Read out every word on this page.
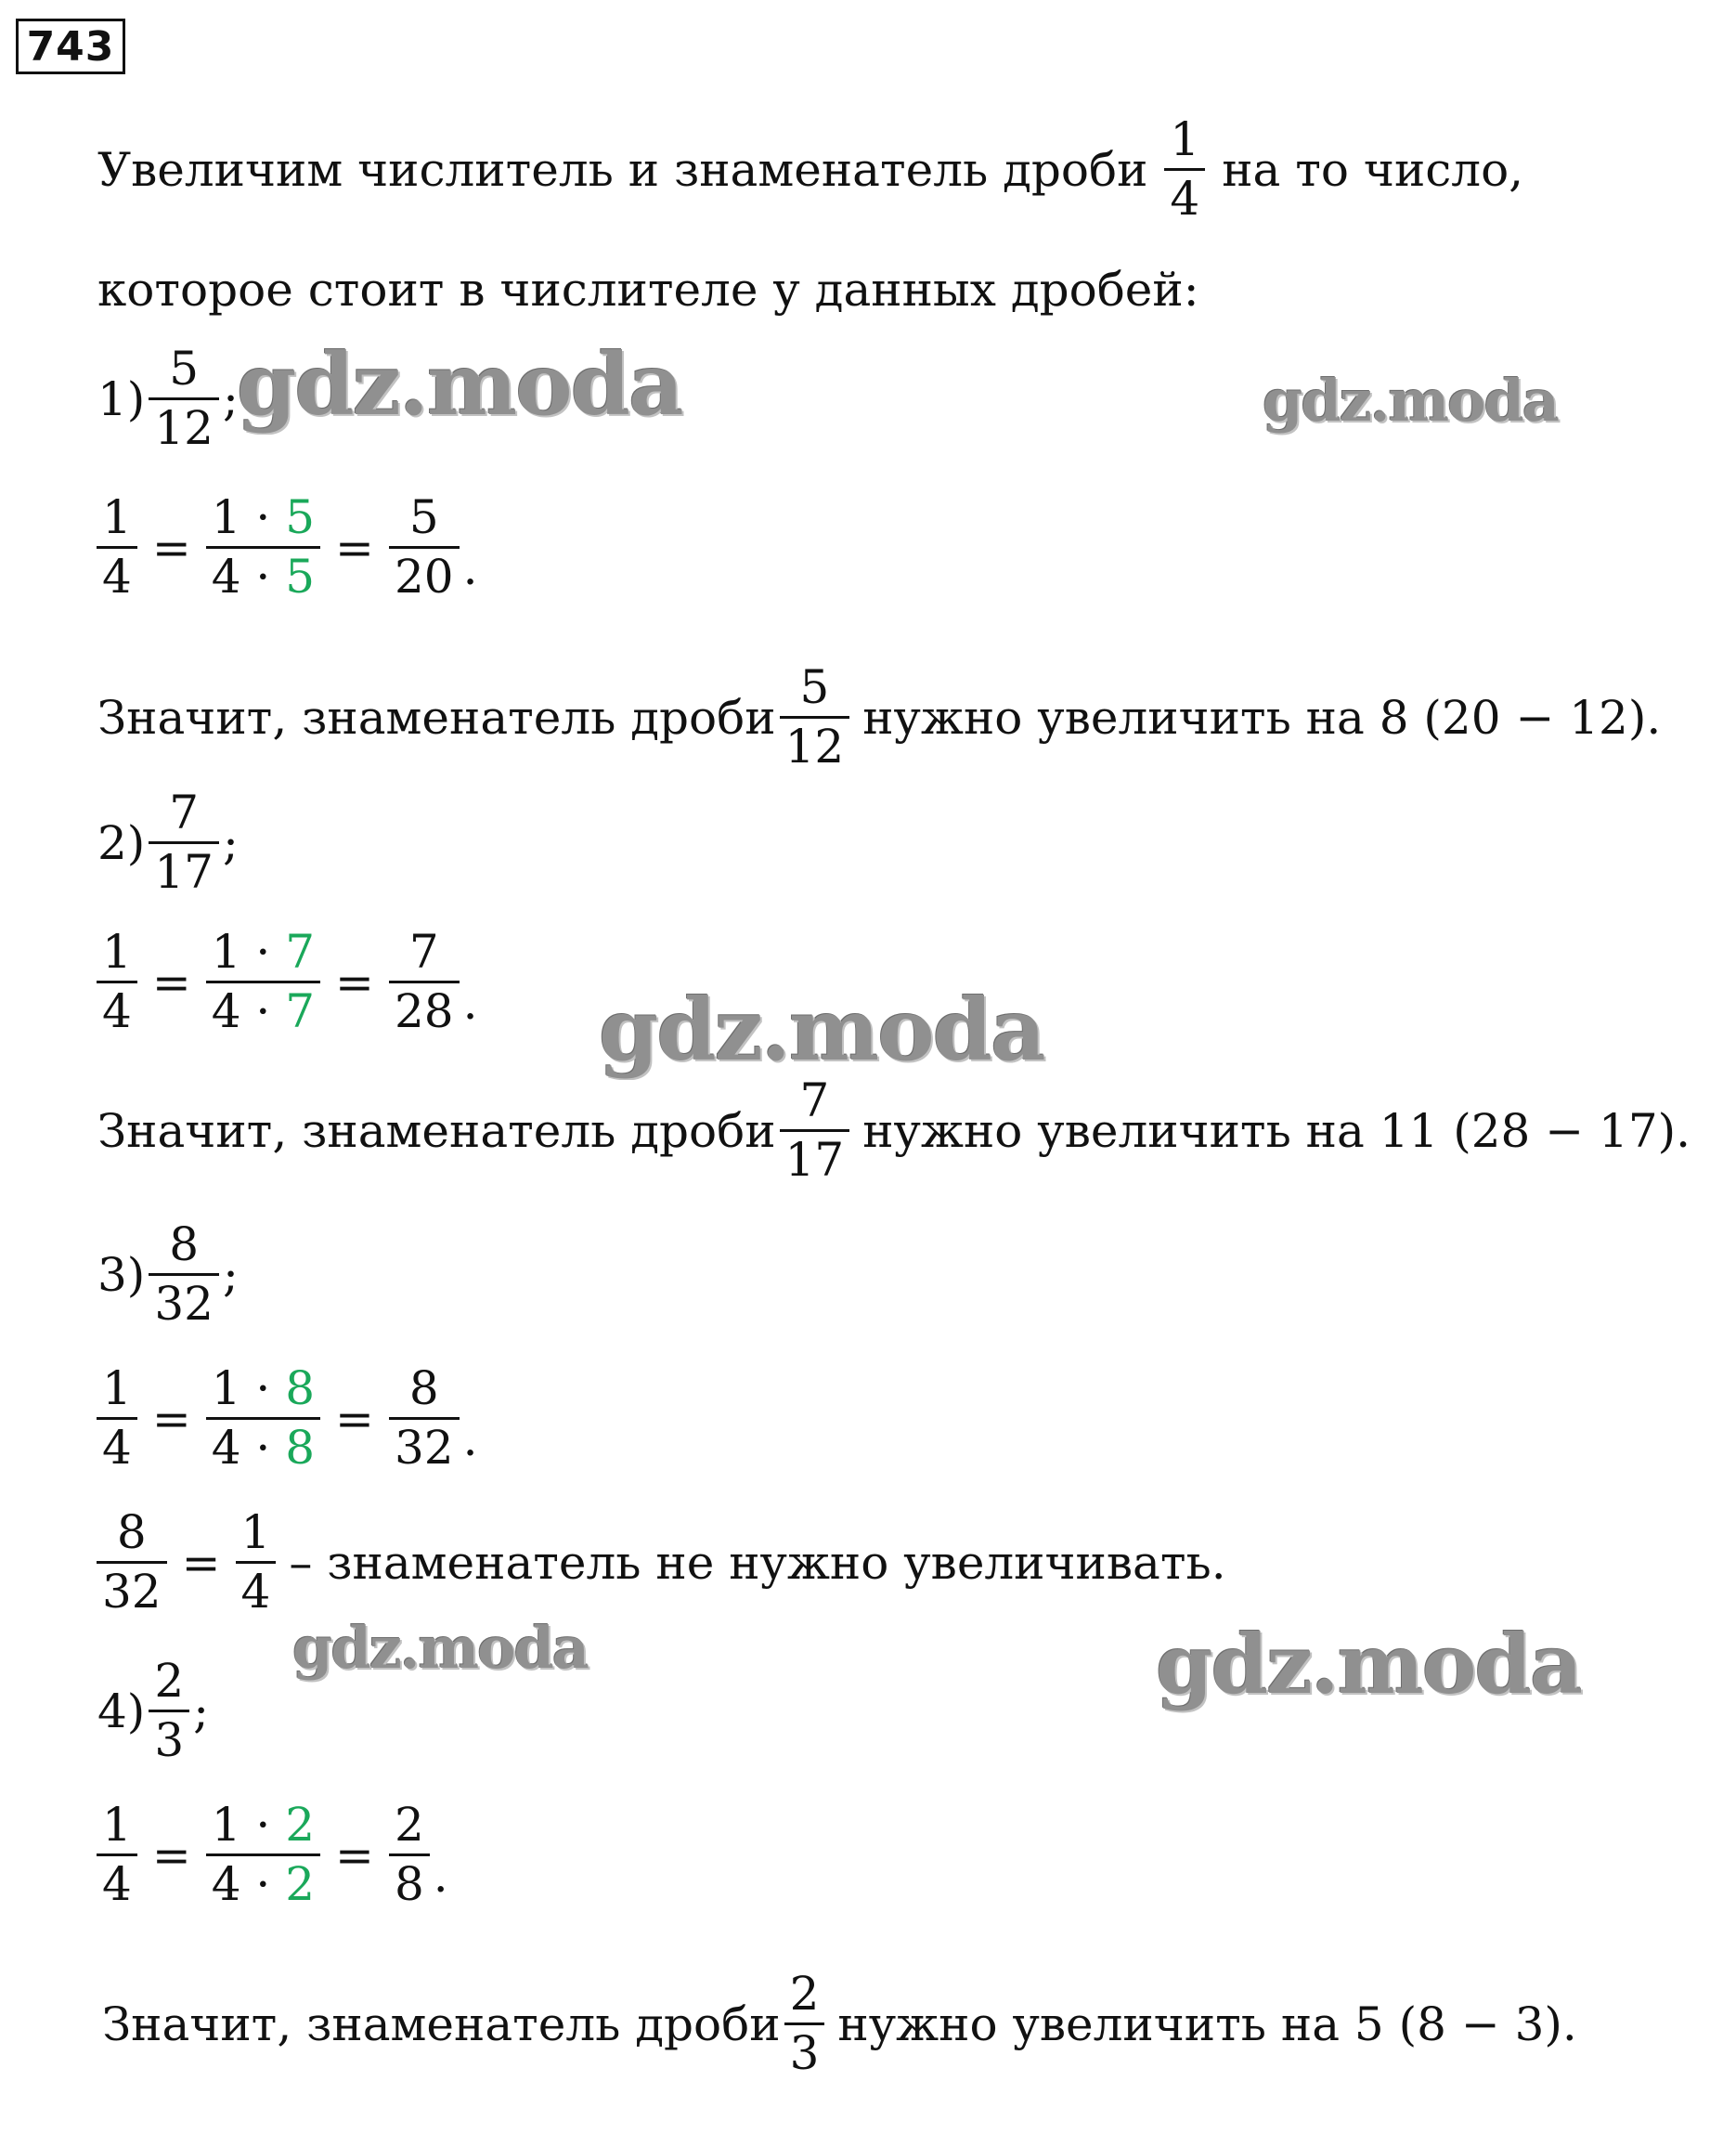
743
Увеличим числитель и знаменатель дроби $\frac{1}{4}$ на то число,
которое стоит в числителе у данных дробей:
$1) \frac{5}{12}$ ;
$\frac{1}{4} = \frac{1 \cdot 5}{4 \cdot 5} = \frac{5}{20}$ .
Значит, знаменатель дроби $\frac{5}{12}$ нужно увеличить на 8 (20 − 12).
$2) \frac{7}{17}$ ;
$\frac{1}{4} = \frac{1 \cdot 7}{4 \cdot 7} = \frac{7}{28}$ .
Значит, знаменатель дроби $\frac{7}{17}$ нужно увеличить на 11 (28 − 17).
$3) \frac{8}{32}$ ;
$\frac{1}{4} = \frac{1 \cdot 8}{4 \cdot 8} = \frac{8}{32}$ .
$\frac{8}{32} = \frac{1}{4}$ – знаменатель не нужно увеличивать.
$4) \frac{2}{3}$ ;
$\frac{1}{4} = \frac{1 \cdot 2}{4 \cdot 2} = \frac{2}{8}$ .
Значит, знаменатель дроби $\frac{2}{3}$ нужно увеличить на 5 (8 − 3).
gdz.moda	gdz.moda
gdz.moda
gdz.moda	gdz.moda
